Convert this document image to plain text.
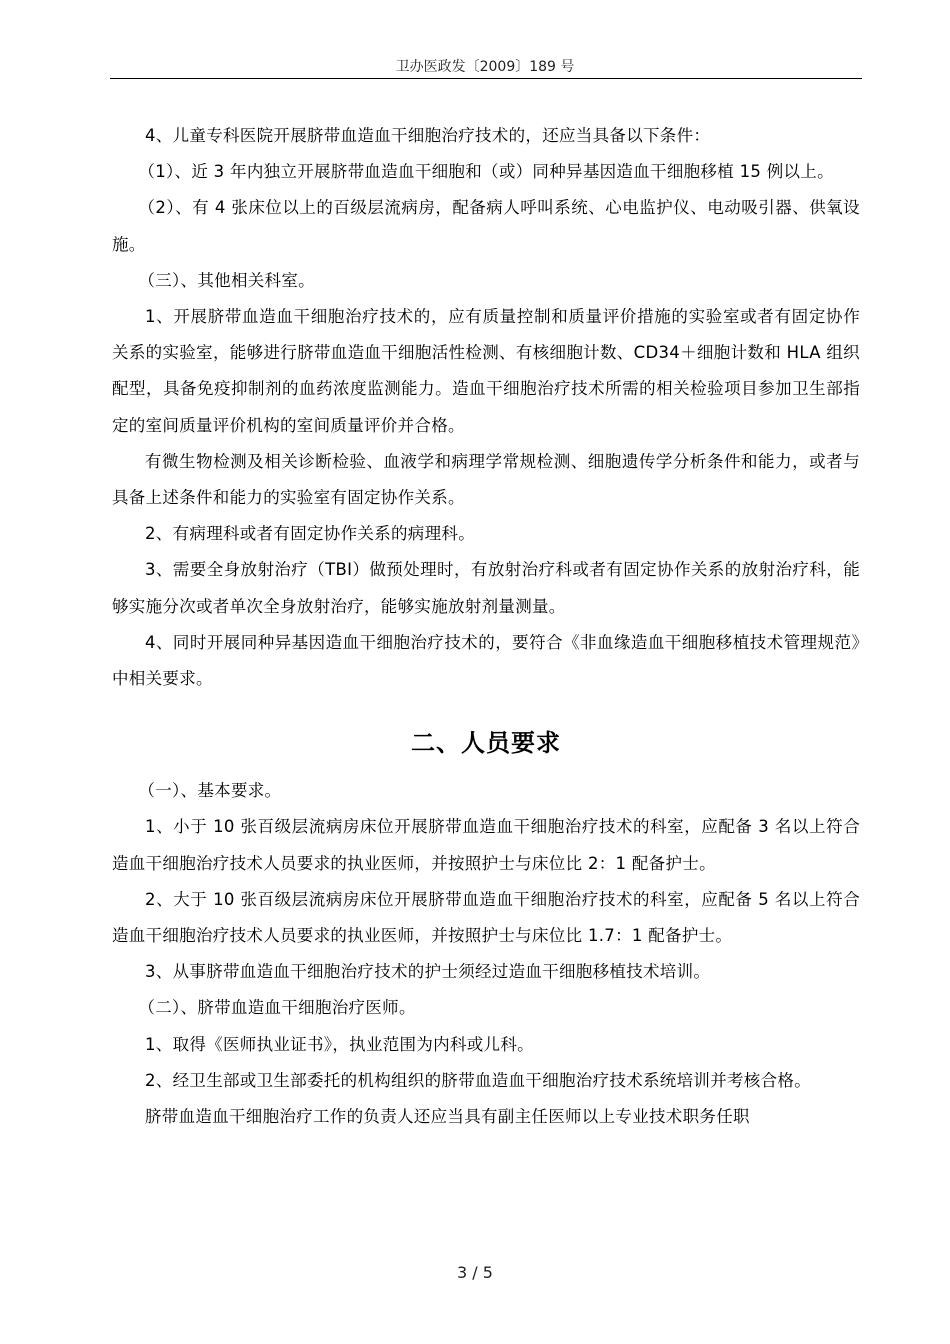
卫办医政发〔2009〕189 号

4、儿童专科医院开展脐带血造血干细胞治疗技术的，还应当具备以下条件：

（1）、近 3 年内独立开展脐带血造血干细胞和（或）同种异基因造血干细胞移植 15 例以上。

（2）、有 4 张床位以上的百级层流病房，配备病人呼叫系统、心电监护仪、电动吸引器、供氧设施。

（三）、其他相关科室。

1、开展脐带血造血干细胞治疗技术的，应有质量控制和质量评价措施的实验室或者有固定协作关系的实验室，能够进行脐带血造血干细胞活性检测、有核细胞计数、CD34＋细胞计数和 HLA 组织配型，具备免疫抑制剂的血药浓度监测能力。造血干细胞治疗技术所需的相关检验项目参加卫生部指定的室间质量评价机构的室间质量评价并合格。

有微生物检测及相关诊断检验、血液学和病理学常规检测、细胞遗传学分析条件和能力，或者与具备上述条件和能力的实验室有固定协作关系。

2、有病理科或者有固定协作关系的病理科。

3、需要全身放射治疗（TBI）做预处理时，有放射治疗科或者有固定协作关系的放射治疗科，能够实施分次或者单次全身放射治疗，能够实施放射剂量测量。

4、同时开展同种异基因造血干细胞治疗技术的，要符合《非血缘造血干细胞移植技术管理规范》中相关要求。

二、人员要求

（一）、基本要求。

1、小于 10 张百级层流病房床位开展脐带血造血干细胞治疗技术的科室，应配备 3 名以上符合造血干细胞治疗技术人员要求的执业医师，并按照护士与床位比 2：1 配备护士。

2、大于 10 张百级层流病房床位开展脐带血造血干细胞治疗技术的科室，应配备 5 名以上符合造血干细胞治疗技术人员要求的执业医师，并按照护士与床位比 1.7：1 配备护士。

3、从事脐带血造血干细胞治疗技术的护士须经过造血干细胞移植技术培训。

（二）、脐带血造血干细胞治疗医师。

1、取得《医师执业证书》，执业范围为内科或儿科。

2、经卫生部或卫生部委托的机构组织的脐带血造血干细胞治疗技术系统培训并考核合格。

脐带血造血干细胞治疗工作的负责人还应当具有副主任医师以上专业技术职务任职

3 / 5
